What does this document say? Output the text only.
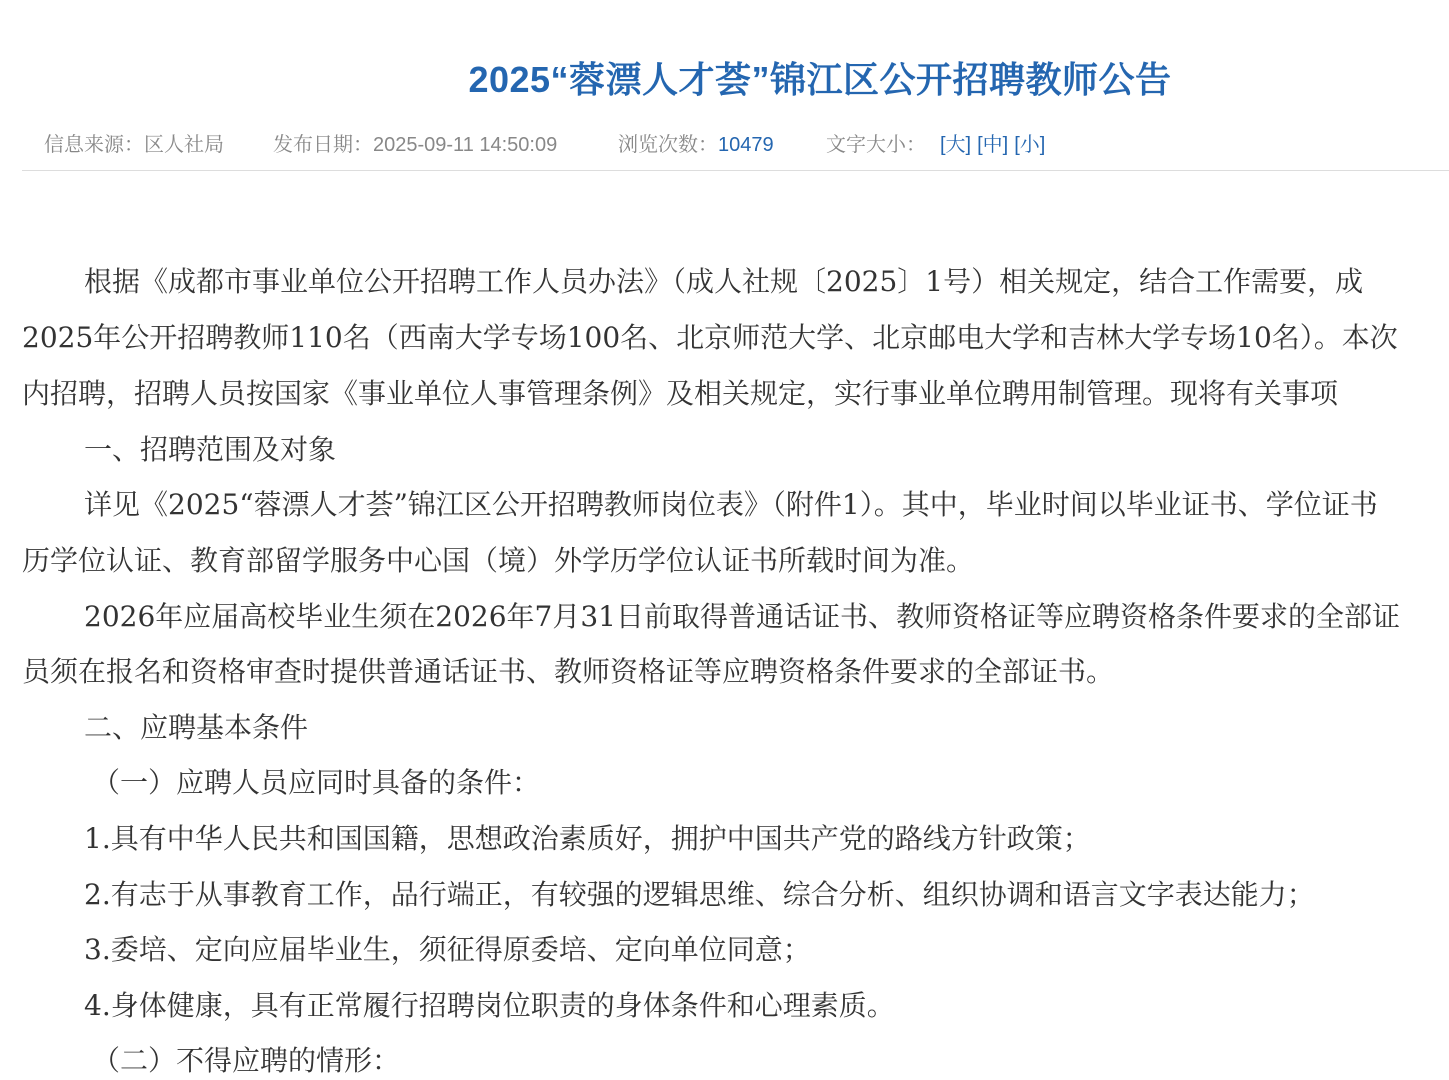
2025“蓉漂人才荟”锦江区公开招聘教师公告
信息来源：区人社局 发布日期：2025-09-11 14:50:09	浏览次数：10479	文字大小： [大] [中] [小]
根据《成都市事业单位公开招聘工作人员办法》（成人社规〔2025〕1号）相关规定，结合工作需要，成
2025年公开招聘教师110名（西南大学专场100名、北京师范大学、北京邮电大学和吉林大学专场10名）。本次
内招聘，招聘人员按国家《事业单位人事管理条例》及相关规定，实行事业单位聘用制管理。现将有关事项
一、招聘范围及对象
详见《2025“蓉漂人才荟”锦江区公开招聘教师岗位表》（附件1）。其中，毕业时间以毕业证书、学位证书
历学位认证、教育部留学服务中心国（境）外学历学位认证书所载时间为准。
2026年应届高校毕业生须在2026年7月31日前取得普通话证书、教师资格证等应聘资格条件要求的全部证
员须在报名和资格审查时提供普通话证书、教师资格证等应聘资格条件要求的全部证书。
二、应聘基本条件
（一）应聘人员应同时具备的条件：
1.具有中华人民共和国国籍，思想政治素质好，拥护中国共产党的路线方针政策；
2.有志于从事教育工作，品行端正，有较强的逻辑思维、综合分析、组织协调和语言文字表达能力；
3.委培、定向应届毕业生，须征得原委培、定向单位同意；
4.身体健康，具有正常履行招聘岗位职责的身体条件和心理素质。
（二）不得应聘的情形：
